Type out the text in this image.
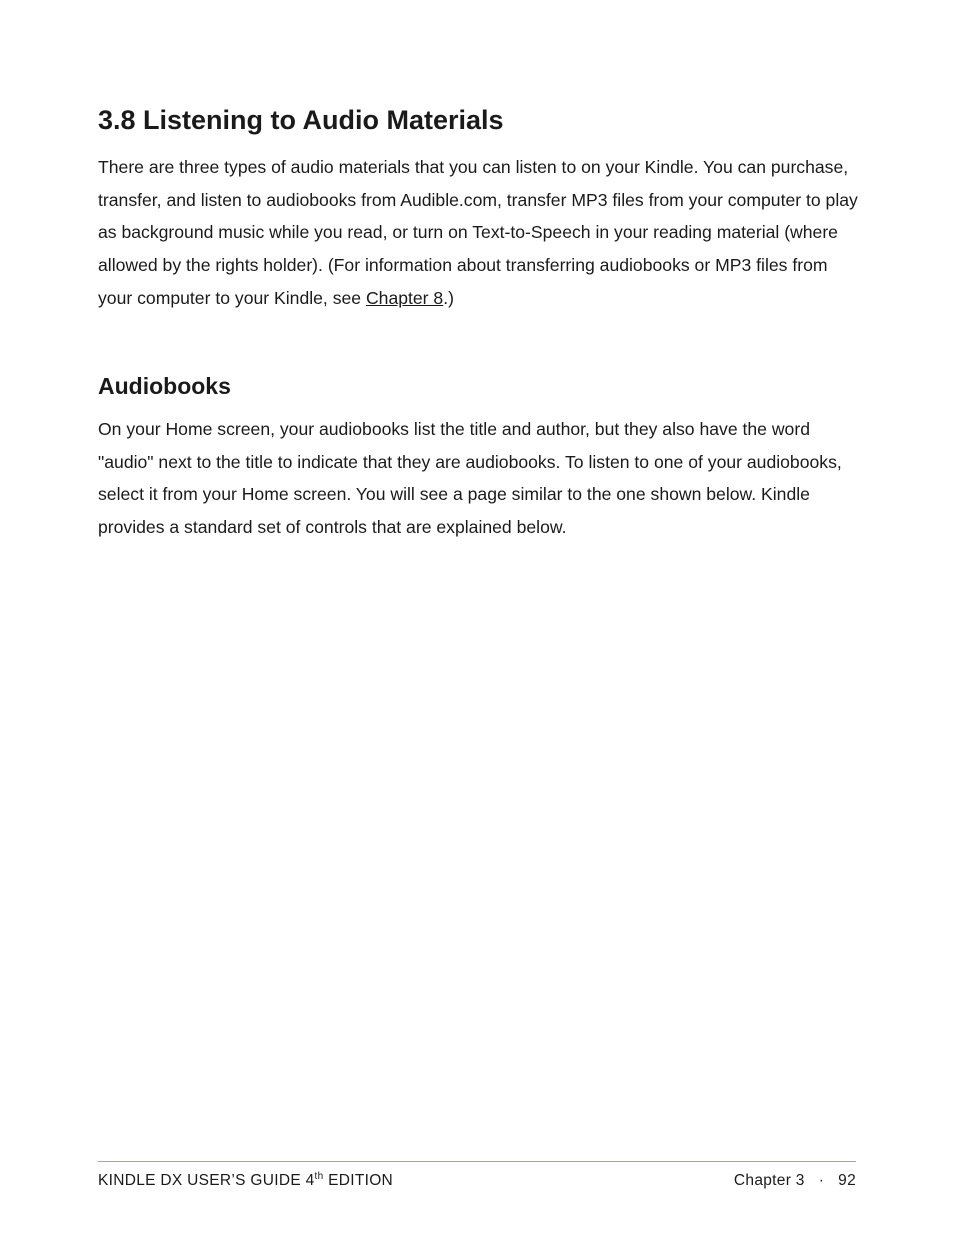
3.8 Listening to Audio Materials

There are three types of audio materials that you can listen to on your Kindle. You can purchase, transfer, and listen to audiobooks from Audible.com, transfer MP3 files from your computer to play as background music while you read, or turn on Text-to-Speech in your reading material (where allowed by the rights holder). (For information about transferring audiobooks or MP3 files from your computer to your Kindle, see Chapter 8.)

Audiobooks

On your Home screen, your audiobooks list the title and author, but they also have the word "audio" next to the title to indicate that they are audiobooks. To listen to one of your audiobooks, select it from your Home screen. You will see a page similar to the one shown below. Kindle provides a standard set of controls that are explained below.

KINDLE DX USER’S GUIDE 4th EDITION	Chapter 3 · 92
